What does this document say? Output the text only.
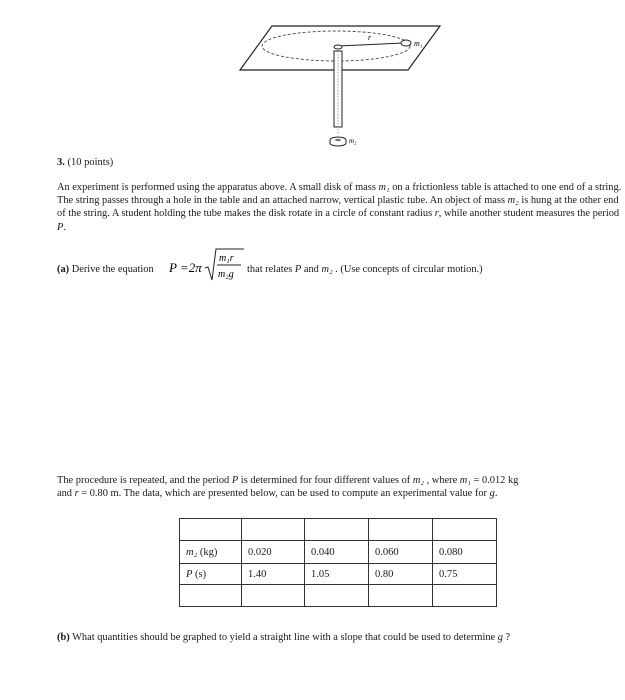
m₁
r
m₂
3. (10 points)
An experiment is performed using the apparatus above. A small disk of mass m₁ on a frictionless table is attached to one end of a string. The string passes through a hole in the table and an attached narrow, vertical plastic tube. An object of mass m₂ is hung at the other end of the string. A student holding the tube makes the disk rotate in a circle of constant radius r, while another student measures the period P.
(a) Derive the equation P =2π
m₁r
m₂g that relates P and m₂ . (Use concepts of circular motion.)
The procedure is repeated, and the period P is determined for four different values of m₂ , where m₁ = 0.012 kg and r = 0.80 m. The data, which are presented below, can be used to compute an experimental value for g.

m₂ (kg)	0.020	0.040	0.060	0.080
P (s)	1.40	1.05	0.80	0.75

(b) What quantities should be graphed to yield a straight line with a slope that could be used to determine g ?
